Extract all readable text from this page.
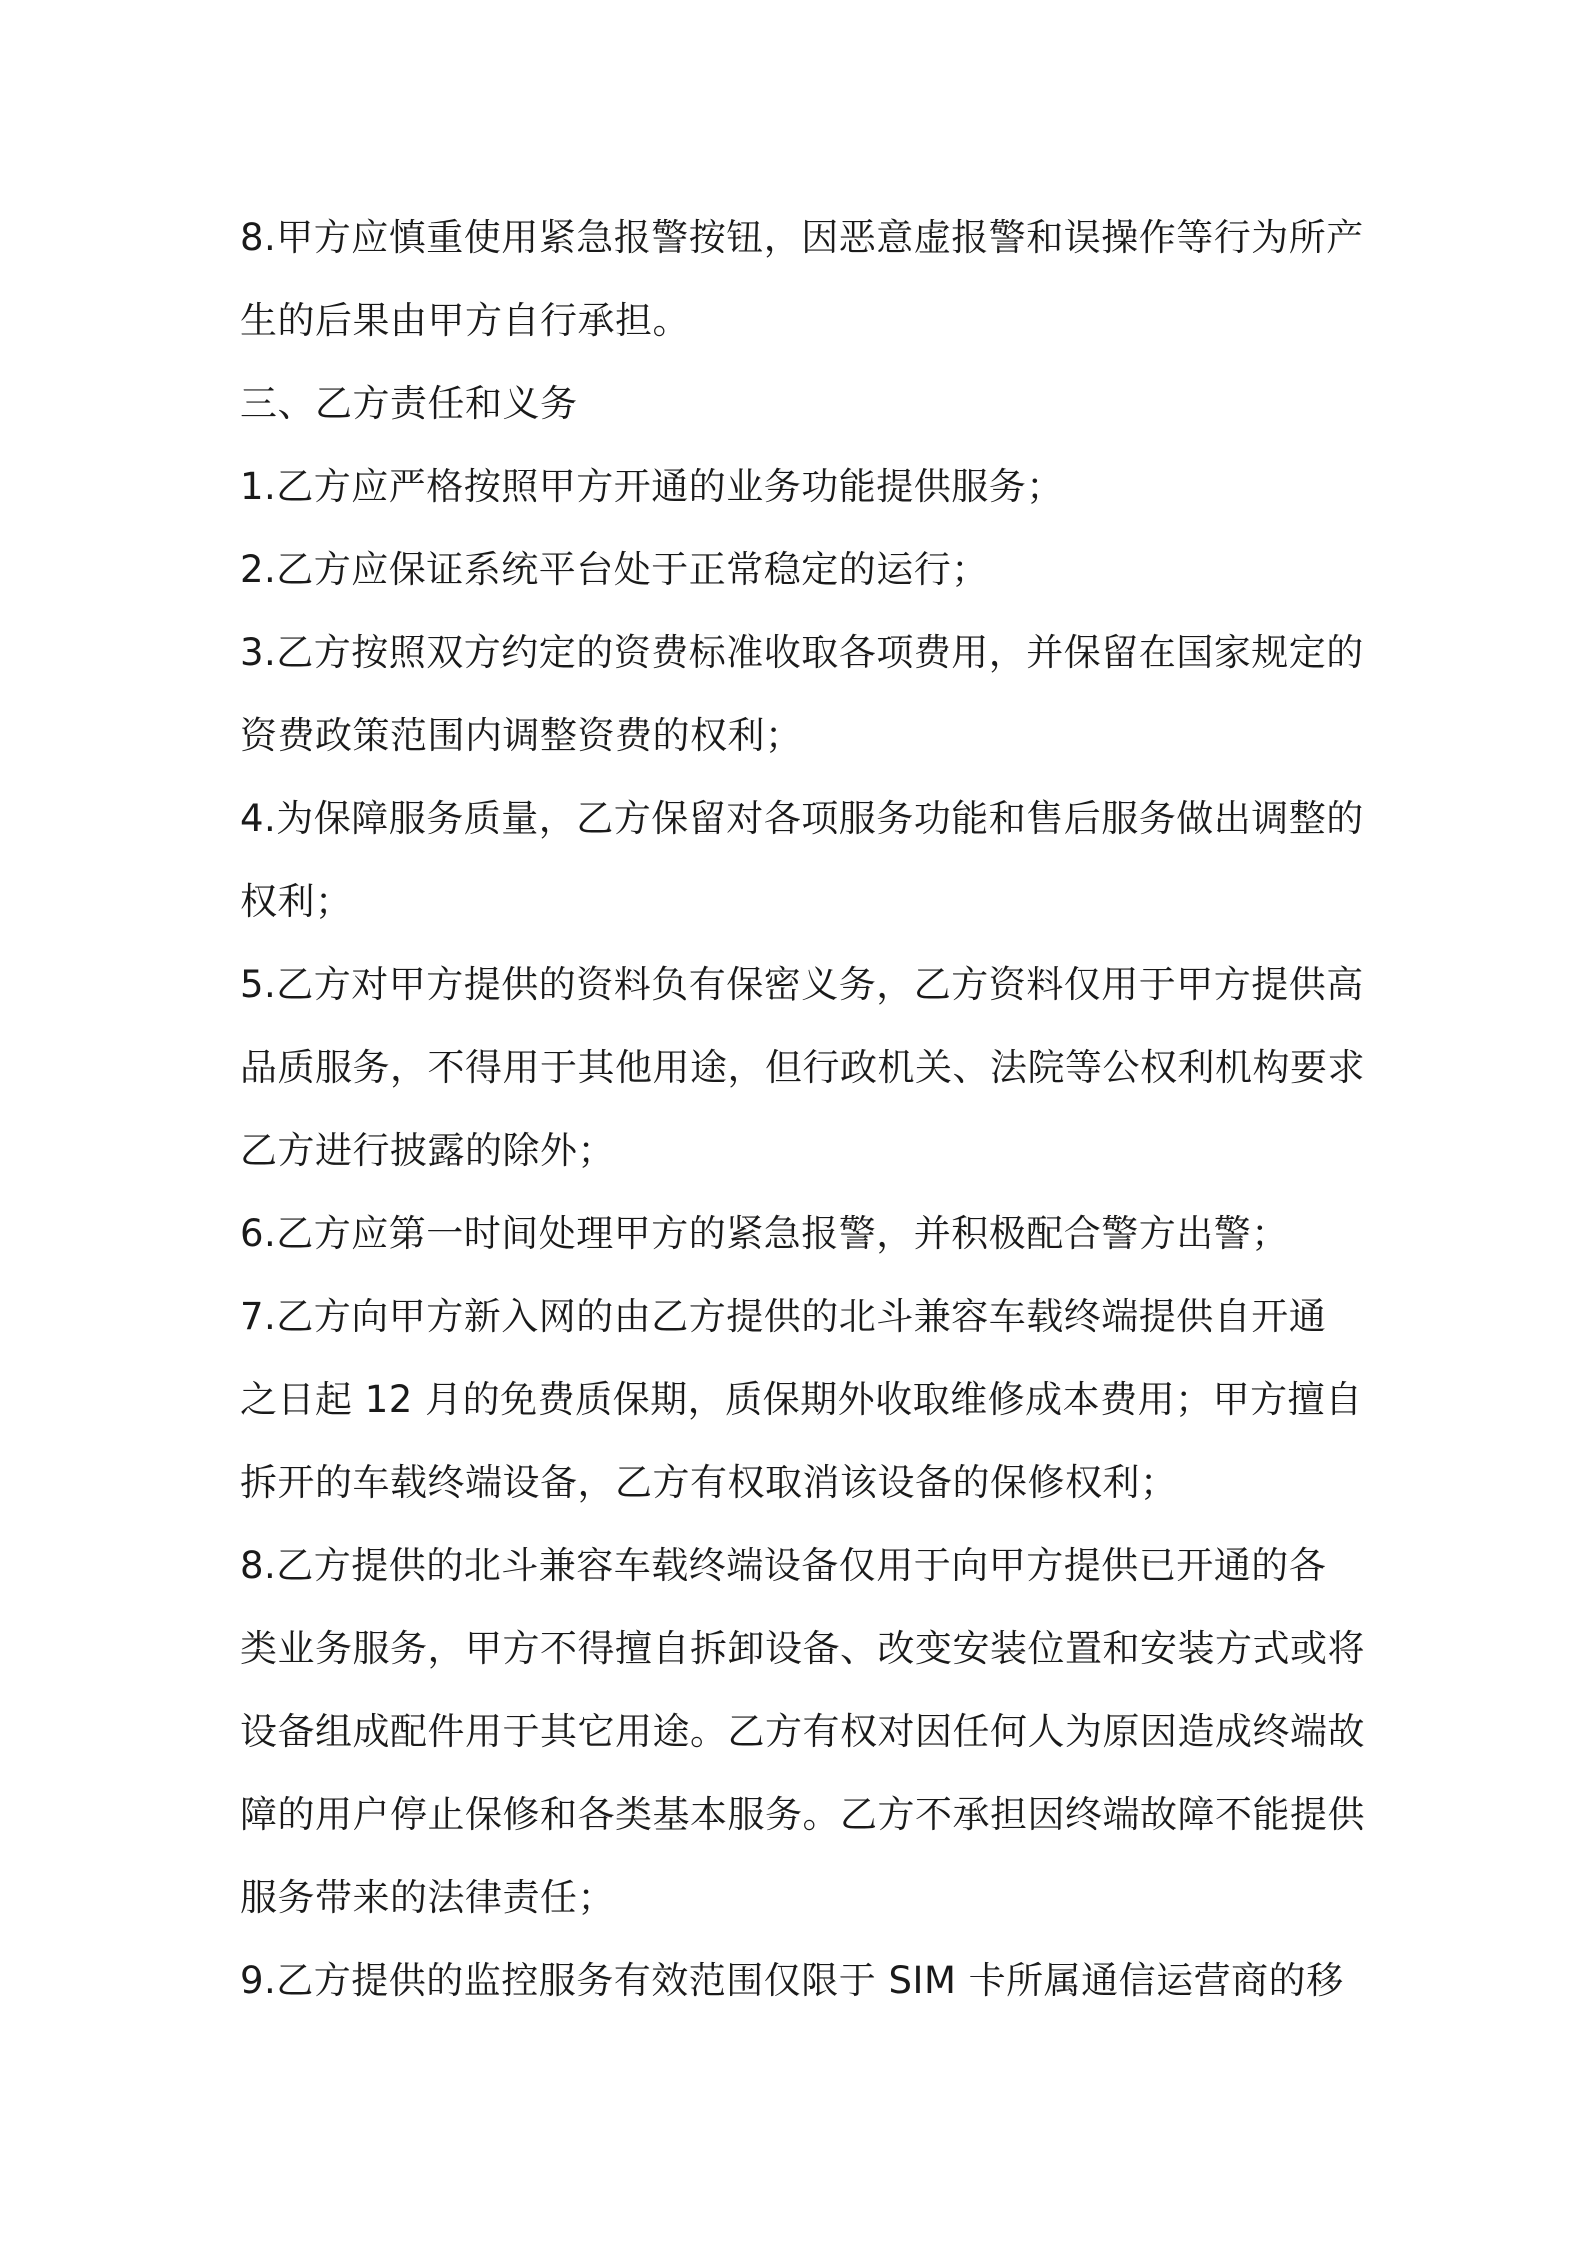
8.甲方应慎重使用紧急报警按钮，因恶意虚报警和误操作等行为所产
生的后果由甲方自行承担。
三、乙方责任和义务
1.乙方应严格按照甲方开通的业务功能提供服务；
2.乙方应保证系统平台处于正常稳定的运行；
3.乙方按照双方约定的资费标准收取各项费用，并保留在国家规定的
资费政策范围内调整资费的权利；
4.为保障服务质量，乙方保留对各项服务功能和售后服务做出调整的
权利；
5.乙方对甲方提供的资料负有保密义务，乙方资料仅用于甲方提供高
品质服务，不得用于其他用途，但行政机关、法院等公权利机构要求
乙方进行披露的除外；
6.乙方应第一时间处理甲方的紧急报警，并积极配合警方出警；
7.乙方向甲方新入网的由乙方提供的北斗兼容车载终端提供自开通
之日起 12 月的免费质保期，质保期外收取维修成本费用；甲方擅自
拆开的车载终端设备，乙方有权取消该设备的保修权利；
8.乙方提供的北斗兼容车载终端设备仅用于向甲方提供已开通的各
类业务服务，甲方不得擅自拆卸设备、改变安装位置和安装方式或将
设备组成配件用于其它用途。乙方有权对因任何人为原因造成终端故
障的用户停止保修和各类基本服务。乙方不承担因终端故障不能提供
服务带来的法律责任；
9.乙方提供的监控服务有效范围仅限于 SIM 卡所属通信运营商的移
